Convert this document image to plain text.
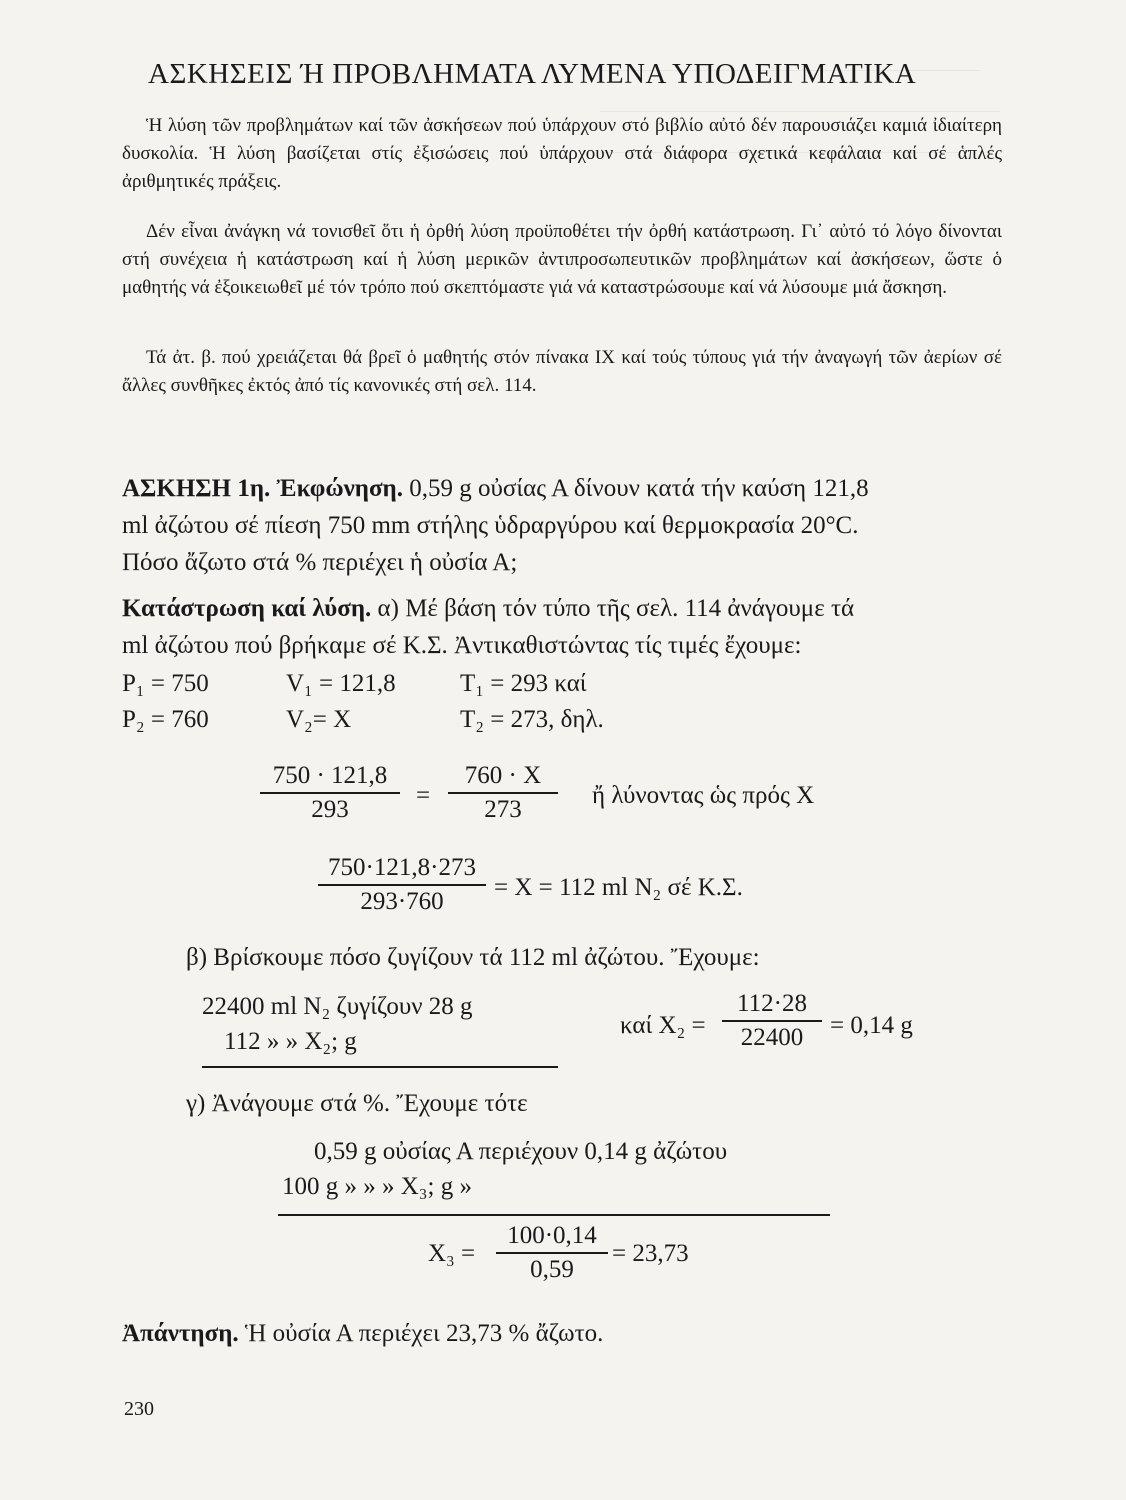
ΑΣΚΗΣΕΙΣ Ή ΠΡΟΒΛΗΜΑΤΑ ΛΥΜΕΝΑ ΥΠΟΔΕΙΓΜΑΤΙΚΑ

Ἡ λύση τῶν προβλημάτων καί τῶν ἀσκήσεων πού ὑπάρχουν στό βιβλίο αὐτό δέν παρουσιάζει καμιά ἰδιαίτερη δυσκολία. Ἡ λύση βασίζεται στίς ἐξισώσεις πού ὑπάρχουν στά διάφορα σχετικά κεφάλαια καί σέ ἁπλές ἀριθμητικές πράξεις.

Δέν εἶναι ἀνάγκη νά τονισθεῖ ὅτι ἡ ὀρθή λύση προϋποθέτει τήν ὀρθή κατάστρωση. Γι᾽ αὐτό τό λόγο δίνονται στή συνέχεια ἡ κατάστρωση καί ἡ λύση μερικῶν ἀντιπροσωπευτικῶν προβλημάτων καί ἀσκήσεων, ὥστε ὁ μαθητής νά ἐξοικειωθεῖ μέ τόν τρόπο πού σκεπτόμαστε γιά νά καταστρώσουμε καί νά λύσουμε μιά ἄσκηση.

Τά ἀτ. β. πού χρειάζεται θά βρεῖ ὁ μαθητής στόν πίνακα IX καί τούς τύπους γιά τήν ἀναγωγή τῶν ἀερίων σέ ἄλλες συνθῆκες ἐκτός ἀπό τίς κανονικές στή σελ. 114.

ΑΣΚΗΣΗ 1η. Ἐκφώνηση. 0,59 g οὐσίας Α δίνουν κατά τήν καύση 121,8
ml ἀζώτου σέ πίεση 750 mm στήλης ὑδραργύρου καί θερμοκρασία 20°C.
Πόσο ἄζωτο στά % περιέχει ἡ οὐσία Α;
Κατάστρωση καί λύση. α) Μέ βάση τόν τύπο τῆς σελ. 114 ἀνάγουμε τά
ml ἀζώτου πού βρήκαμε σέ Κ.Σ. Ἀντικαθιστώντας τίς τιμές ἔχουμε:
P₁ = 750	V₁ = 121,8	T₁ = 293 καί
P₂ = 760	V₂= X	T₂ = 273, δηλ.
$\frac{750 \cdot 121,8}{293} = \frac{760 \cdot X}{273}$ ἤ λύνοντας ὡς πρός X
$\frac{750\cdot 121,8\cdot 273}{293\cdot 760} = X = 112$ ml N₂ σέ Κ.Σ.
β) Βρίσκουμε πόσο ζυγίζουν τά 112 ml ἀζώτου. Ἔχουμε:
22400 ml N₂ ζυγίζουν 28 g
112 » » X₂; g
καί $X_2 = \frac{112\cdot 28}{22400} = 0,14$ g
γ) Ἀνάγουμε στά %. Ἔχουμε τότε
0,59 g οὐσίας Α περιέχουν 0,14 g ἀζώτου
100 g » » » X₃; g »
$X_3 = \frac{100\cdot 0,14}{0,59} = 23,73$
Ἀπάντηση. Ἡ οὐσία Α περιέχει 23,73 % ἄζωτο.
230
